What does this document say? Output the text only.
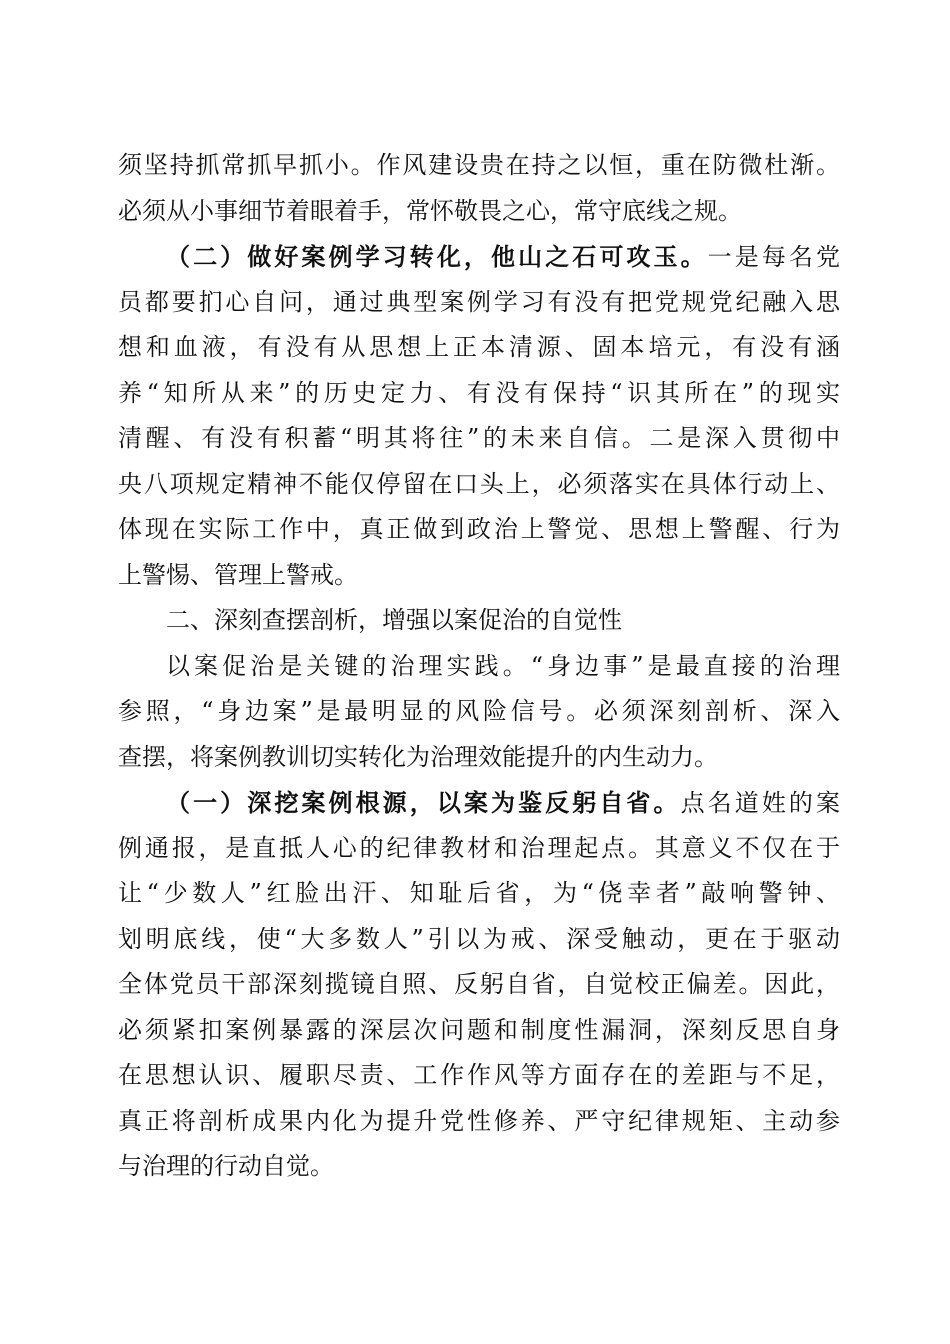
须坚持抓常抓早抓小。作风建设贵在持之以恒，重在防微杜渐。
必须从小事细节着眼着手，常怀敬畏之心，常守底线之规。
（二）做好案例学习转化，他山之石可攻玉。一是每名党
员都要扪心自问，通过典型案例学习有没有把党规党纪融入思
想和血液，有没有从思想上正本清源、固本培元，有没有涵
养“知所从来”的历史定力、有没有保持“识其所在”的现实
清醒、有没有积蓄“明其将往”的未来自信。二是深入贯彻中
央八项规定精神不能仅停留在口头上，必须落实在具体行动上、
体现在实际工作中，真正做到政治上警觉、思想上警醒、行为
上警惕、管理上警戒。
二、深刻查摆剖析，增强以案促治的自觉性
以案促治是关键的治理实践。“身边事”是最直接的治理
参照，“身边案”是最明显的风险信号。必须深刻剖析、深入
查摆，将案例教训切实转化为治理效能提升的内生动力。
（一）深挖案例根源，以案为鉴反躬自省。点名道姓的案
例通报，是直抵人心的纪律教材和治理起点。其意义不仅在于
让“少数人”红脸出汗、知耻后省，为“侥幸者”敲响警钟、
划明底线，使“大多数人”引以为戒、深受触动，更在于驱动
全体党员干部深刻揽镜自照、反躬自省，自觉校正偏差。因此，
必须紧扣案例暴露的深层次问题和制度性漏洞，深刻反思自身
在思想认识、履职尽责、工作作风等方面存在的差距与不足，
真正将剖析成果内化为提升党性修养、严守纪律规矩、主动参
与治理的行动自觉。
